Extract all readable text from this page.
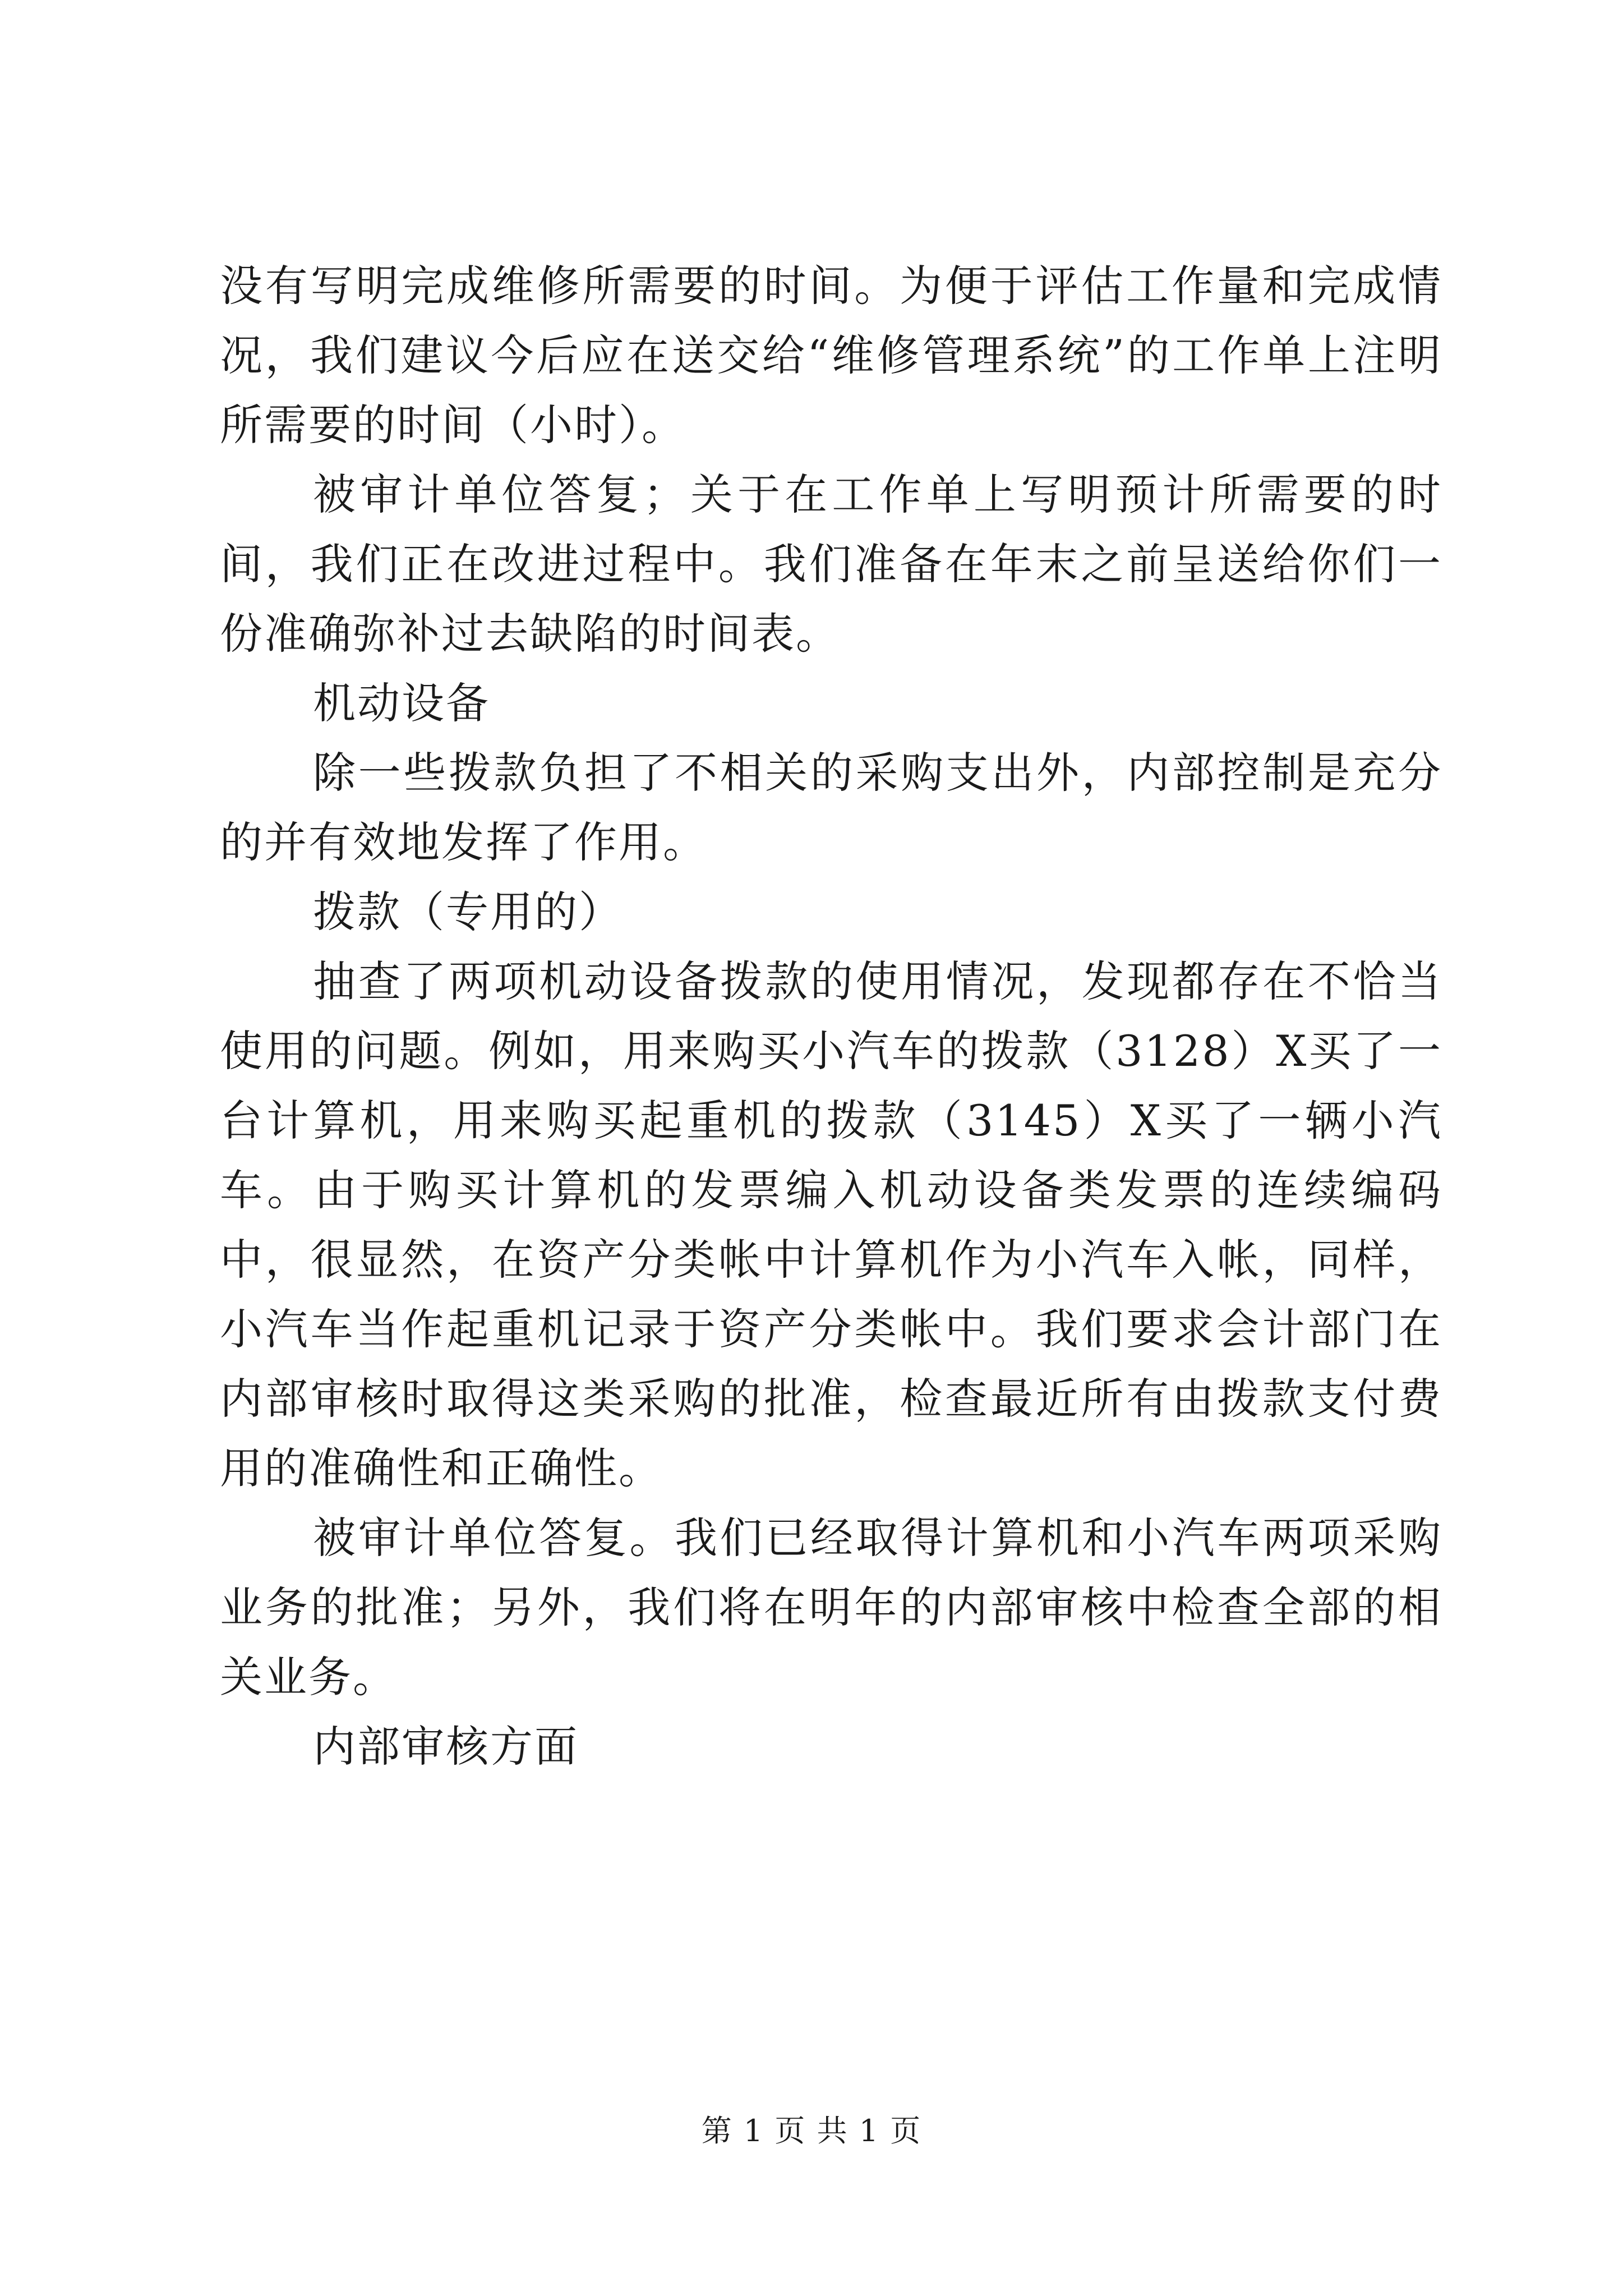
没有写明完成维修所需要的时间。为便于评估工作量和完成情况，我们建议今后应在送交给“维修管理系统”的工作单上注明所需要的时间（小时）。

被审计单位答复；关于在工作单上写明预计所需要的时间，我们正在改进过程中。我们准备在年末之前呈送给你们一份准确弥补过去缺陷的时间表。

机动设备

除一些拨款负担了不相关的采购支出外，内部控制是充分的并有效地发挥了作用。

拨款（专用的）

抽查了两项机动设备拨款的使用情况，发现都存在不恰当使用的问题。例如，用来购买小汽车的拨款（3128）X买了一台计算机，用来购买起重机的拨款（3145）X买了一辆小汽车。由于购买计算机的发票编入机动设备类发票的连续编码中，很显然，在资产分类帐中计算机作为小汽车入帐，同样，小汽车当作起重机记录于资产分类帐中。我们要求会计部门在内部审核时取得这类采购的批准，检查最近所有由拨款支付费用的准确性和正确性。

被审计单位答复。我们已经取得计算机和小汽车两项采购业务的批准；另外，我们将在明年的内部审核中检查全部的相关业务。

内部审核方面

第 1 页 共 1 页
